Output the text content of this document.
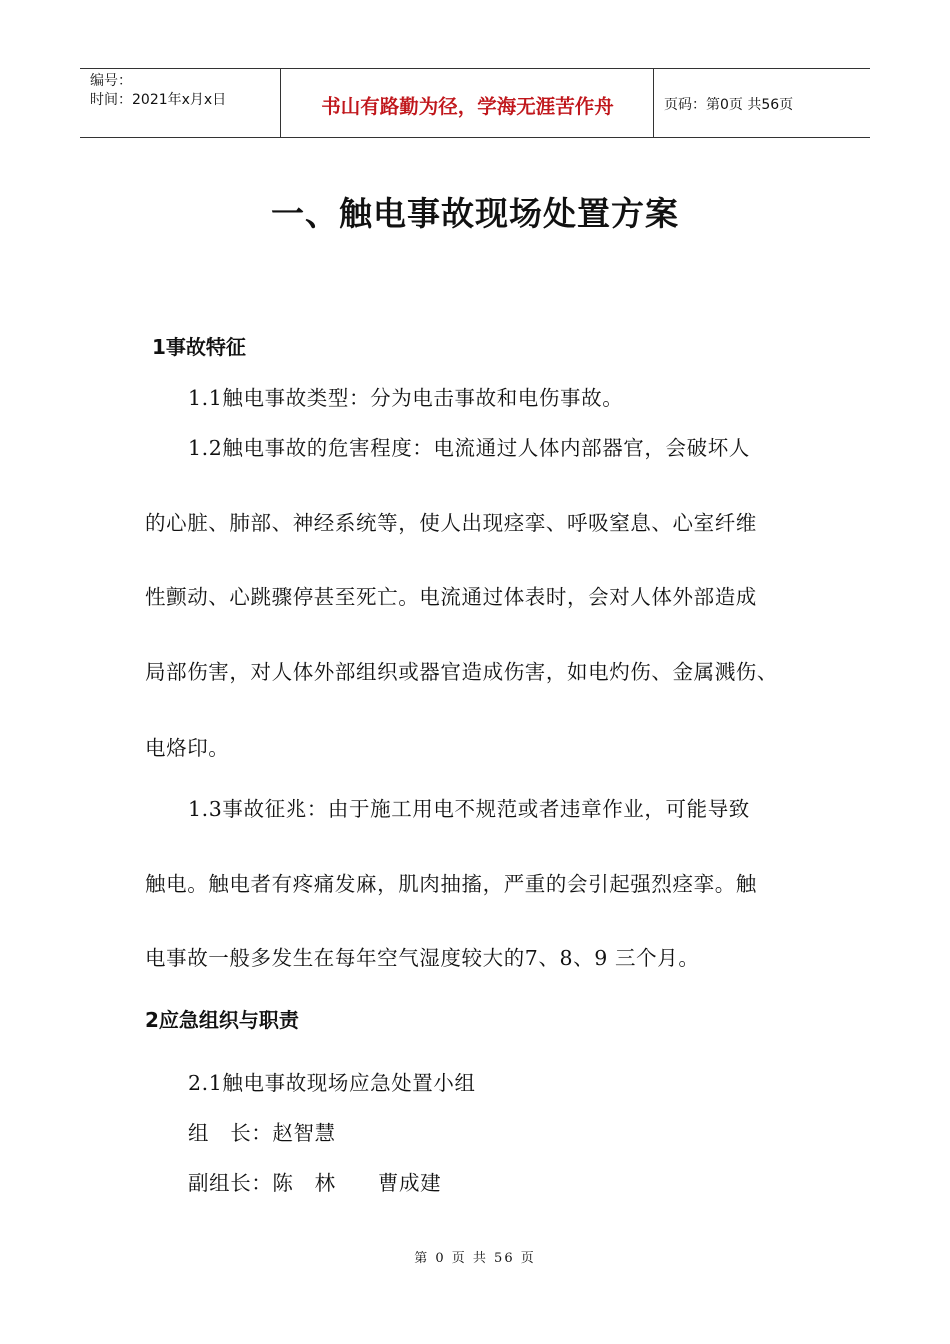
编号：
时间：2021年x月x日	书山有路勤为径，学海无涯苦作舟	页码：第0页 共56页
一、触电事故现场处置方案
1事故特征
1.1触电事故类型：分为电击事故和电伤事故。
1.2触电事故的危害程度：电流通过人体内部器官，会破坏人
的心脏、肺部、神经系统等，使人出现痉挛、呼吸窒息、心室纤维
性颤动、心跳骤停甚至死亡。电流通过体表时，会对人体外部造成
局部伤害，对人体外部组织或器官造成伤害，如电灼伤、金属溅伤、
电烙印。
1.3事故征兆：由于施工用电不规范或者违章作业，可能导致
触电。触电者有疼痛发麻，肌肉抽搐，严重的会引起强烈痉挛。触
电事故一般多发生在每年空气湿度较大的7、8、9 三个月。
2应急组织与职责
2.1触电事故现场应急处置小组
组　长：赵智慧
副组长：陈　林　　曹成建
第 0 页 共 56 页
